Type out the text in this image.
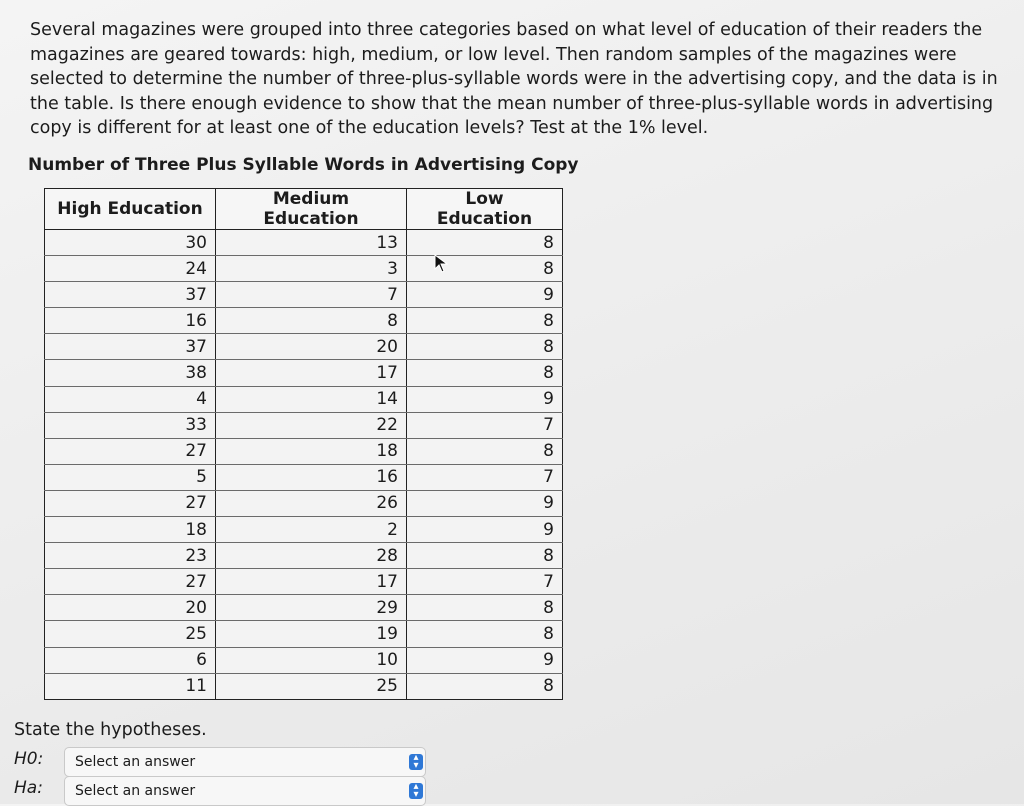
Several magazines were grouped into three categories based on what level of education of their readers the magazines are geared towards: high, medium, or low level. Then random samples of the magazines were selected to determine the number of three-plus-syllable words were in the advertising copy, and the data is in the table. Is there enough evidence to show that the mean number of three-plus-syllable words in advertising copy is different for at least one of the education levels? Test at the 1% level.
Number of Three Plus Syllable Words in Advertising Copy
High Education	Medium Education	Low Education
30	13	8
24	3	8
37	7	9
16	8	8
37	20	8
38	17	8
4	14	9
33	22	7
27	18	8
5	16	7
27	26	9
18	2	9
23	28	8
27	17	7
20	29	8
25	19	8
6	10	9
11	25	8
State the hypotheses.
H0: Select an answer	▴
▾
Ha: Select an answer	▴
▾
